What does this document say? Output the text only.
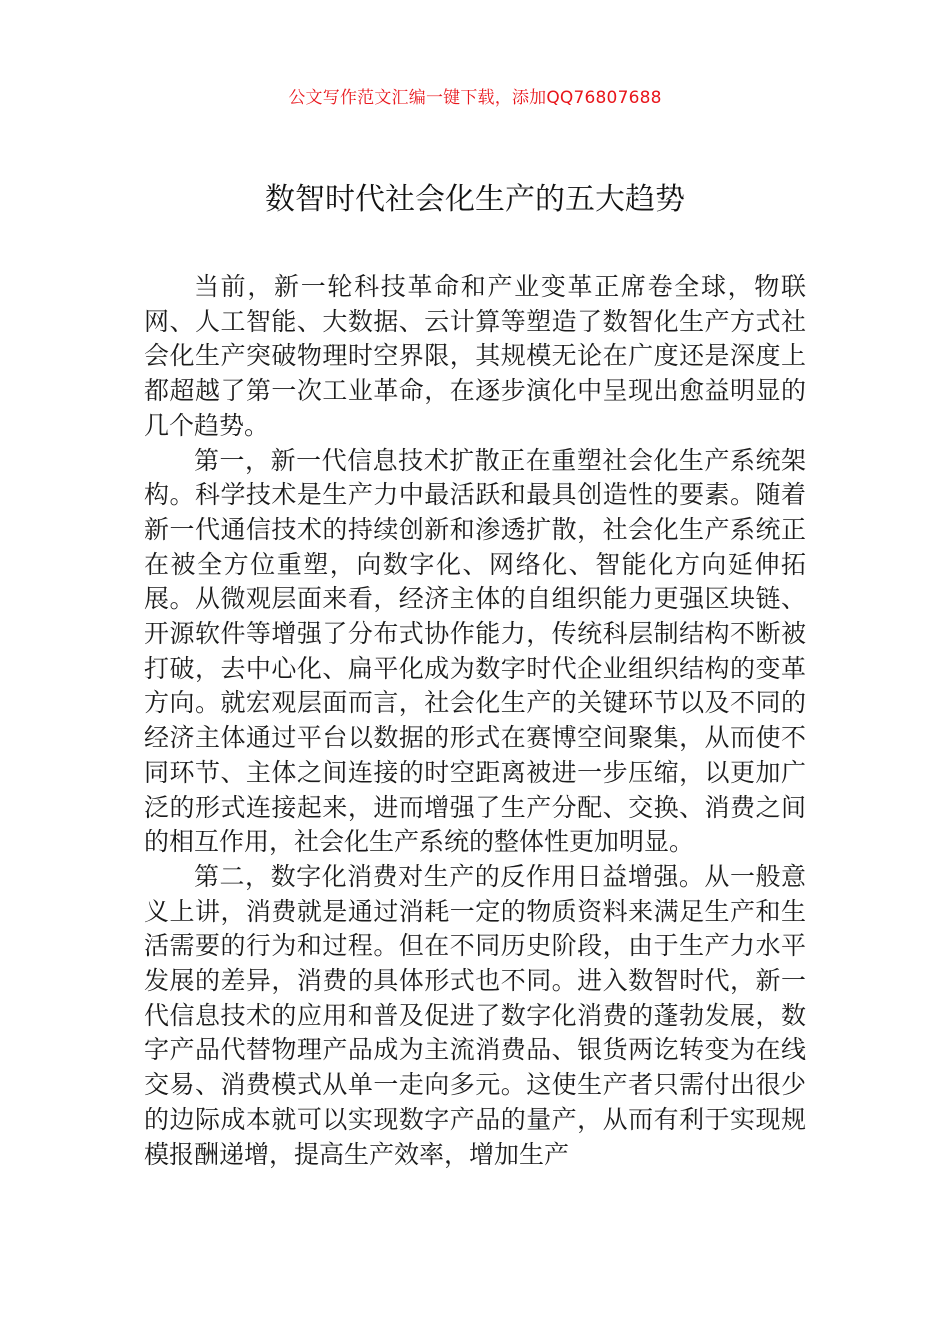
公文写作范文汇编一键下载，添加QQ76807688
数智时代社会化生产的五大趋势

当前，新一轮科技革命和产业变革正席卷全球，物联网、人工智能、大数据、云计算等塑造了数智化生产方式社会化生产突破物理时空界限，其规模无论在广度还是深度上都超越了第一次工业革命，在逐步演化中呈现出愈益明显的几个趋势。

第一，新一代信息技术扩散正在重塑社会化生产系统架构。科学技术是生产力中最活跃和最具创造性的要素。随着新一代通信技术的持续创新和渗透扩散，社会化生产系统正在被全方位重塑，向数字化、网络化、智能化方向延伸拓展。从微观层面来看，经济主体的自组织能力更强区块链、开源软件等增强了分布式协作能力，传统科层制结构不断被打破，去中心化、扁平化成为数字时代企业组织结构的变革方向。就宏观层面而言，社会化生产的关键环节以及不同的经济主体通过平台以数据的形式在赛博空间聚集，从而使不同环节、主体之间连接的时空距离被进一步压缩，以更加广泛的形式连接起来，进而增强了生产分配、交换、消费之间的相互作用，社会化生产系统的整体性更加明显。

第二，数字化消费对生产的反作用日益增强。从一般意义上讲，消费就是通过消耗一定的物质资料来满足生产和生活需要的行为和过程。但在不同历史阶段，由于生产力水平发展的差异，消费的具体形式也不同。进入数智时代，新一代信息技术的应用和普及促进了数字化消费的蓬勃发展，数字产品代替物理产品成为主流消费品、银货两讫转变为在线交易、消费模式从单一走向多元。这使生产者只需付出很少的边际成本就可以实现数字产品的量产，从而有利于实现规模报酬递增，提高生产效率，增加生产
